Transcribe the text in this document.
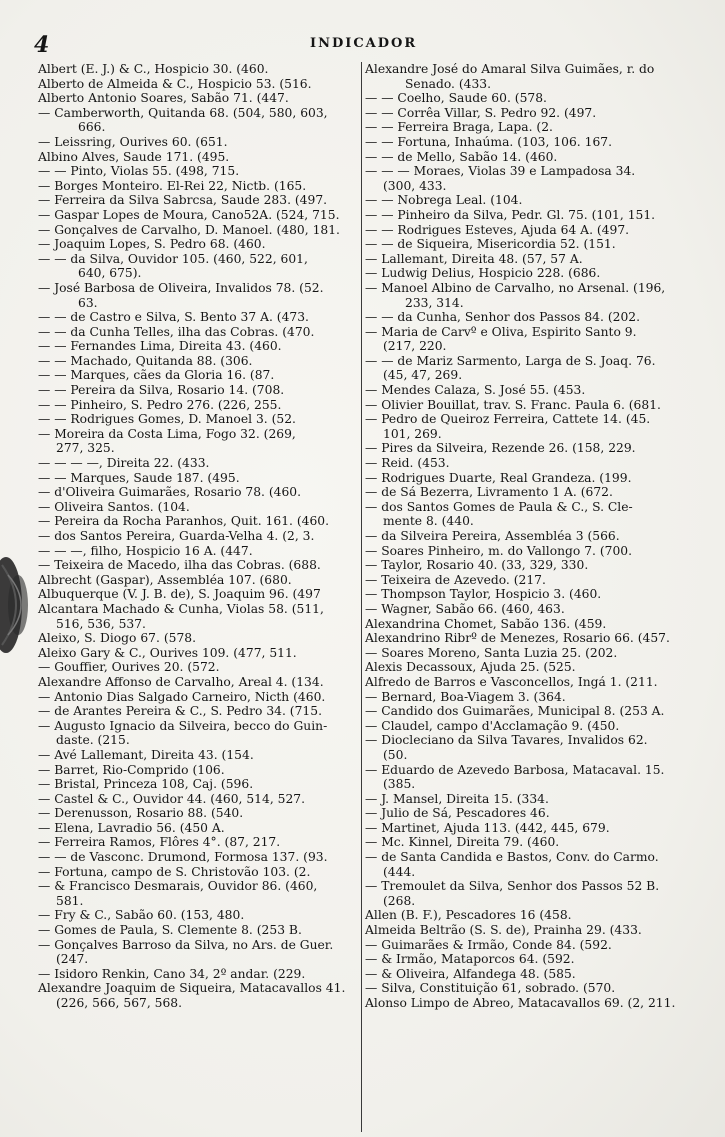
4	INDICADOR
Albert (E. J.) & C., Hospicio 30. (460.
Alberto de Almeida & C., Hospicio 53. (516.
Alberto Antonio Soares, Sabão 71. (447.
— Camberworth, Quitanda 68. (504, 580, 603,
666.
— Leissring, Ourives 60. (651.
Albino Alves, Saude 171. (495.
— — Pinto, Violas 55. (498, 715.
— Borges Monteiro. El-Rei 22, Nictb. (165.
— Ferreira da Silva Sabrcsa, Saude 283. (497.
— Gaspar Lopes de Moura, Cano52A. (524, 715.
— Gonçalves de Carvalho, D. Manoel. (480, 181.
— Joaquim Lopes, S. Pedro 68. (460.
— — da Silva, Ouvidor 105. (460, 522, 601,
640, 675).
— José Barbosa de Oliveira, Invalidos 78. (52.
63.
— — de Castro e Silva, S. Bento 37 A. (473.
— — da Cunha Telles, ilha das Cobras. (470.
— — Fernandes Lima, Direita 43. (460.
— — Machado, Quitanda 88. (306.
— — Marques, cães da Gloria 16. (87.
— — Pereira da Silva, Rosario 14. (708.
— — Pinheiro, S. Pedro 276. (226, 255.
— — Rodrigues Gomes, D. Manoel 3. (52.
— Moreira da Costa Lima, Fogo 32. (269,
277, 325.
— — — —, Direita 22. (433.
— — Marques, Saude 187. (495.
— d'Oliveira Guimarães, Rosario 78. (460.
— Oliveira Santos. (104.
— Pereira da Rocha Paranhos, Quit. 161. (460.
— dos Santos Pereira, Guarda-Velha 4. (2, 3.
— — —, filho, Hospicio 16 A. (447.
— Teixeira de Macedo, ilha das Cobras. (688.
Albrecht (Gaspar), Assembléa 107. (680.
Albuquerque (V. J. B. de), S. Joaquim 96. (497
Alcantara Machado & Cunha, Violas 58. (511,
516, 536, 537.
Aleixo, S. Diogo 67. (578.
Aleixo Gary & C., Ourives 109. (477, 511.
— Gouffier, Ourives 20. (572.
Alexandre Affonso de Carvalho, Areal 4. (134.
— Antonio Dias Salgado Carneiro, Nicth (460.
— de Arantes Pereira & C., S. Pedro 34. (715.
— Augusto Ignacio da Silveira, becco do Guin-
daste. (215.
— Avé Lallemant, Direita 43. (154.
— Barret, Rio-Comprido (106.
— Bristal, Princeza 108, Caj. (596.
— Castel & C., Ouvidor 44. (460, 514, 527.
— Derenusson, Rosario 88. (540.
— Elena, Lavradio 56. (450 A.
— Ferreira Ramos, Flôres 4°. (87, 217.
— — de Vasconc. Drumond, Formosa 137. (93.
— Fortuna, campo de S. Christovão 103. (2.
— & Francisco Desmarais, Ouvidor 86. (460,
581.
— Fry & C., Sabão 60. (153, 480.
— Gomes de Paula, S. Clemente 8. (253 B.
— Gonçalves Barroso da Silva, no Ars. de Guer.
(247.
— Isidoro Renkin, Cano 34, 2º andar. (229.
Alexandre Joaquim de Siqueira, Matacavallos 41.
(226, 566, 567, 568.
Alexandre José do Amaral Silva Guimães, r. do
Senado. (433.
— — Coelho, Saude 60. (578.
— — Corrêa Villar, S. Pedro 92. (497.
— — Ferreira Braga, Lapa. (2.
— — Fortuna, Inhaúma. (103, 106. 167.
— — de Mello, Sabão 14. (460.
— — — Moraes, Violas 39 e Lampadosa 34.
(300, 433.
— — Nobrega Leal. (104.
— — Pinheiro da Silva, Pedr. Gl. 75. (101, 151.
— — Rodrigues Esteves, Ajuda 64 A. (497.
— — de Siqueira, Misericordia 52. (151.
— Lallemant, Direita 48. (57, 57 A.
— Ludwig Delius, Hospicio 228. (686.
— Manoel Albino de Carvalho, no Arsenal. (196,
233, 314.
— — da Cunha, Senhor dos Passos 84. (202.
— Maria de Carvº e Oliva, Espirito Santo 9.
(217, 220.
— — de Mariz Sarmento, Larga de S. Joaq. 76.
(45, 47, 269.
— Mendes Calaza, S. José 55. (453.
— Olivier Bouillat, trav. S. Franc. Paula 6. (681.
— Pedro de Queiroz Ferreira, Cattete 14. (45.
101, 269.
— Pires da Silveira, Rezende 26. (158, 229.
— Reid. (453.
— Rodrigues Duarte, Real Grandeza. (199.
— de Sá Bezerra, Livramento 1 A. (672.
— dos Santos Gomes de Paula & C., S. Cle-
mente 8. (440.
— da Silveira Pereira, Assembléa 3 (566.
— Soares Pinheiro, m. do Vallongo 7. (700.
— Taylor, Rosario 40. (33, 329, 330.
— Teixeira de Azevedo. (217.
— Thompson Taylor, Hospicio 3. (460.
— Wagner, Sabão 66. (460, 463.
Alexandrina Chomet, Sabão 136. (459.
Alexandrino Ribrº de Menezes, Rosario 66. (457.
— Soares Moreno, Santa Luzia 25. (202.
Alexis Decassoux, Ajuda 25. (525.
Alfredo de Barros e Vasconcellos, Ingá 1. (211.
— Bernard, Boa-Viagem 3. (364.
— Candido dos Guimarães, Municipal 8. (253 A.
— Claudel, campo d'Acclamação 9. (450.
— Diocleciano da Silva Tavares, Invalidos 62.
(50.
— Eduardo de Azevedo Barbosa, Matacaval. 15.
(385.
— J. Mansel, Direita 15. (334.
— Julio de Sá, Pescadores 46.
— Martinet, Ajuda 113. (442, 445, 679.
— Mc. Kinnel, Direita 79. (460.
— de Santa Candida e Bastos, Conv. do Carmo.
(444.
— Tremoulet da Silva, Senhor dos Passos 52 B.
(268.
Allen (B. F.), Pescadores 16 (458.
Almeida Beltrão (S. S. de), Prainha 29. (433.
— Guimarães & Irmão, Conde 84. (592.
— & Irmão, Mataporcos 64. (592.
— & Oliveira, Alfandega 48. (585.
— Silva, Constituição 61, sobrado. (570.
Alonso Limpo de Abreo, Matacavallos 69. (2, 211.
